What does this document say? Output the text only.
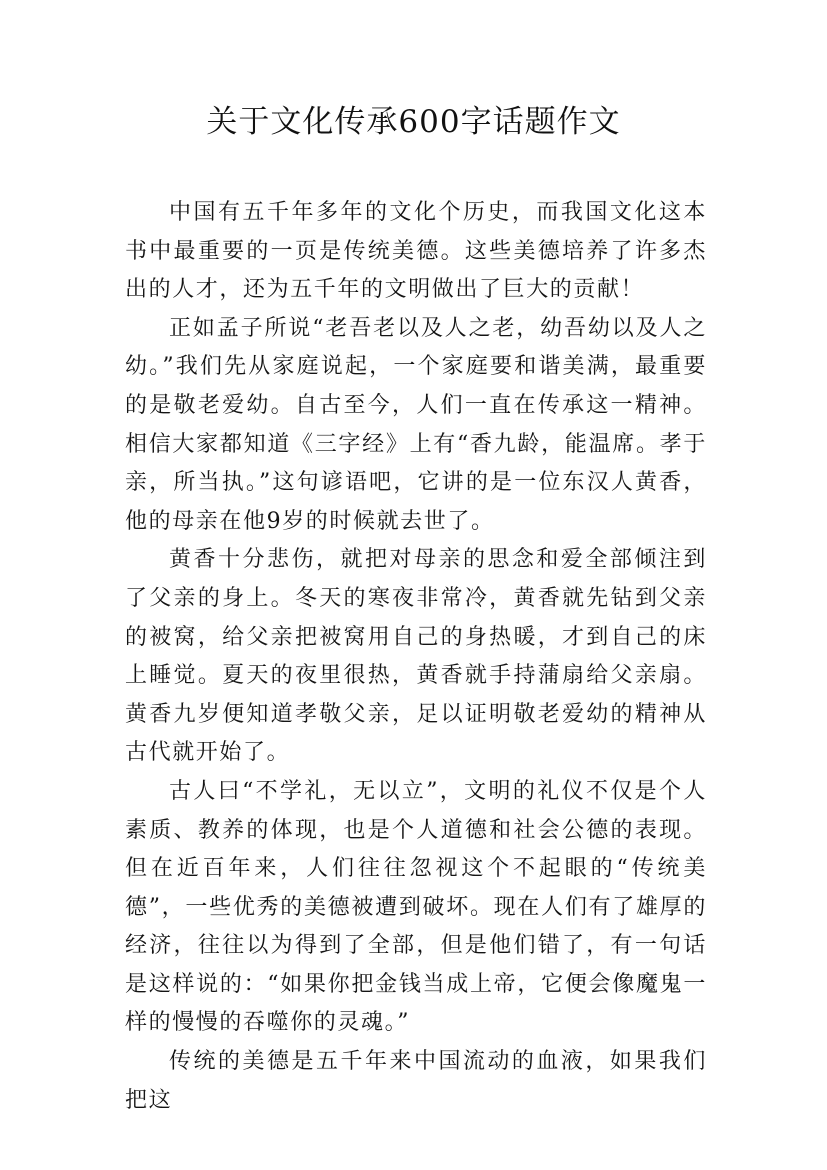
关于文化传承600字话题作文

中国有五千年多年的文化个历史，而我国文化这本书中最重要的一页是传统美德。这些美德培养了许多杰出的人才，还为五千年的文明做出了巨大的贡献！

正如孟子所说“老吾老以及人之老，幼吾幼以及人之幼。”我们先从家庭说起，一个家庭要和谐美满，最重要的是敬老爱幼。自古至今，人们一直在传承这一精神。相信大家都知道《三字经》上有“香九龄，能温席。孝于亲，所当执。”这句谚语吧，它讲的是一位东汉人黄香，他的母亲在他9岁的时候就去世了。

黄香十分悲伤，就把对母亲的思念和爱全部倾注到了父亲的身上。冬天的寒夜非常冷，黄香就先钻到父亲的被窝，给父亲把被窝用自己的身热暖，才到自己的床上睡觉。夏天的夜里很热，黄香就手持蒲扇给父亲扇。黄香九岁便知道孝敬父亲，足以证明敬老爱幼的精神从古代就开始了。

古人曰“不学礼，无以立”，文明的礼仪不仅是个人素质、教养的体现，也是个人道德和社会公德的表现。但在近百年来，人们往往忽视这个不起眼的“传统美德”，一些优秀的美德被遭到破坏。现在人们有了雄厚的经济，往往以为得到了全部，但是他们错了，有一句话是这样说的：“如果你把金钱当成上帝，它便会像魔鬼一样的慢慢的吞噬你的灵魂。”

传统的美德是五千年来中国流动的血液，如果我们把这
